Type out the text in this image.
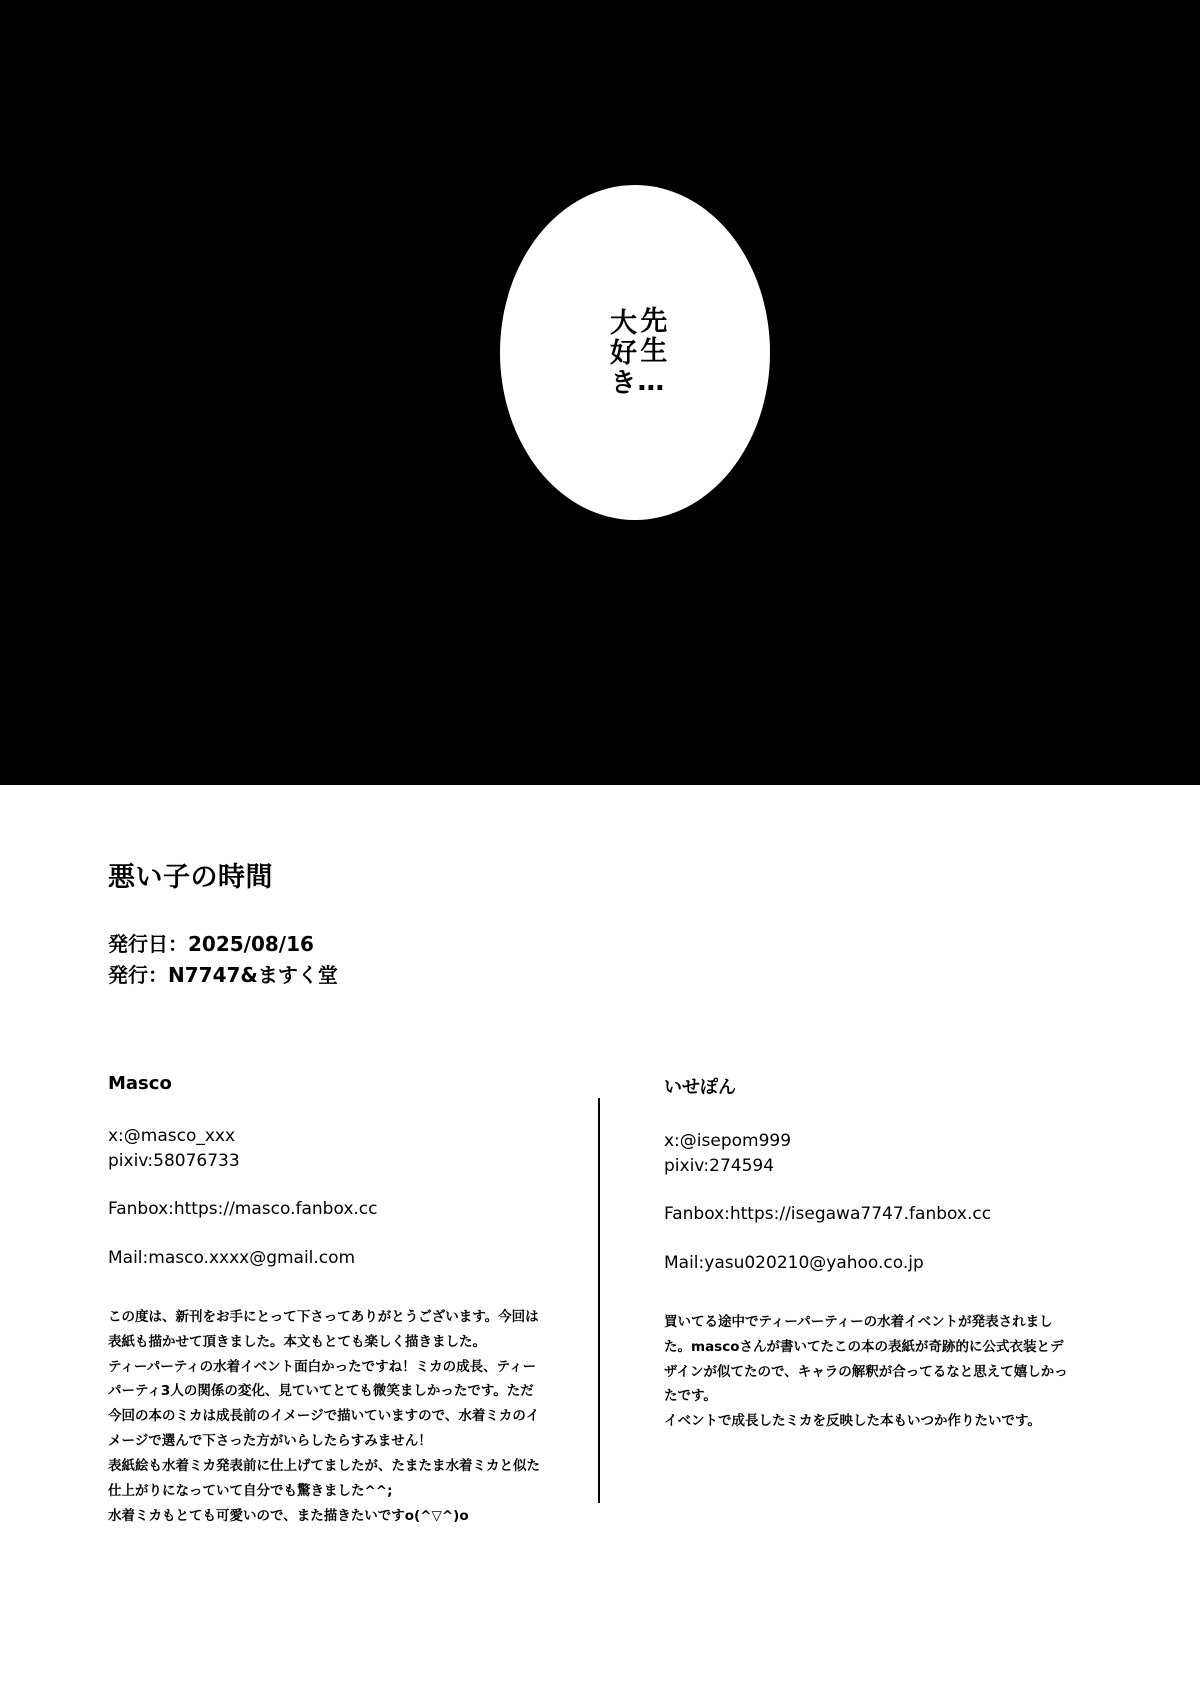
先生…
大好き
悪い子の時間
発行日：2025/08/16
発行：N7747&ますく堂
Masco
x:@masco_xxx
pixiv:58076733
Fanbox:https://masco.fanbox.cc
Mail:masco.xxxx@gmail.com

この度は、新刊をお手にとって下さってありがとうございます。今回は

表紙も描かせて頂きました。本文もとても楽しく描きました。

ティーパーティの水着イベント面白かったですね！ミカの成長、ティー

パーティ3人の関係の変化、見ていてとても微笑ましかったです。ただ

今回の本のミカは成長前のイメージで描いていますので、水着ミカのイ

メージで選んで下さった方がいらしたらすみません！

表紙絵も水着ミカ発表前に仕上げてましたが、たまたま水着ミカと似た

仕上がりになっていて自分でも驚きました^^;

水着ミカもとても可愛いので、また描きたいですo(^▽^)o

いせぽん
x:@isepom999
pixiv:274594
Fanbox:https://isegawa7747.fanbox.cc
Mail:yasu020210@yahoo.co.jp

買いてる途中でティーパーティーの水着イベントが発表されまし

た。mascoさんが書いてたこの本の表紙が奇跡的に公式衣装とデ

ザインが似てたので、キャラの解釈が合ってるなと思えて嬉しかっ

たです。

イベントで成長したミカを反映した本もいつか作りたいです。
